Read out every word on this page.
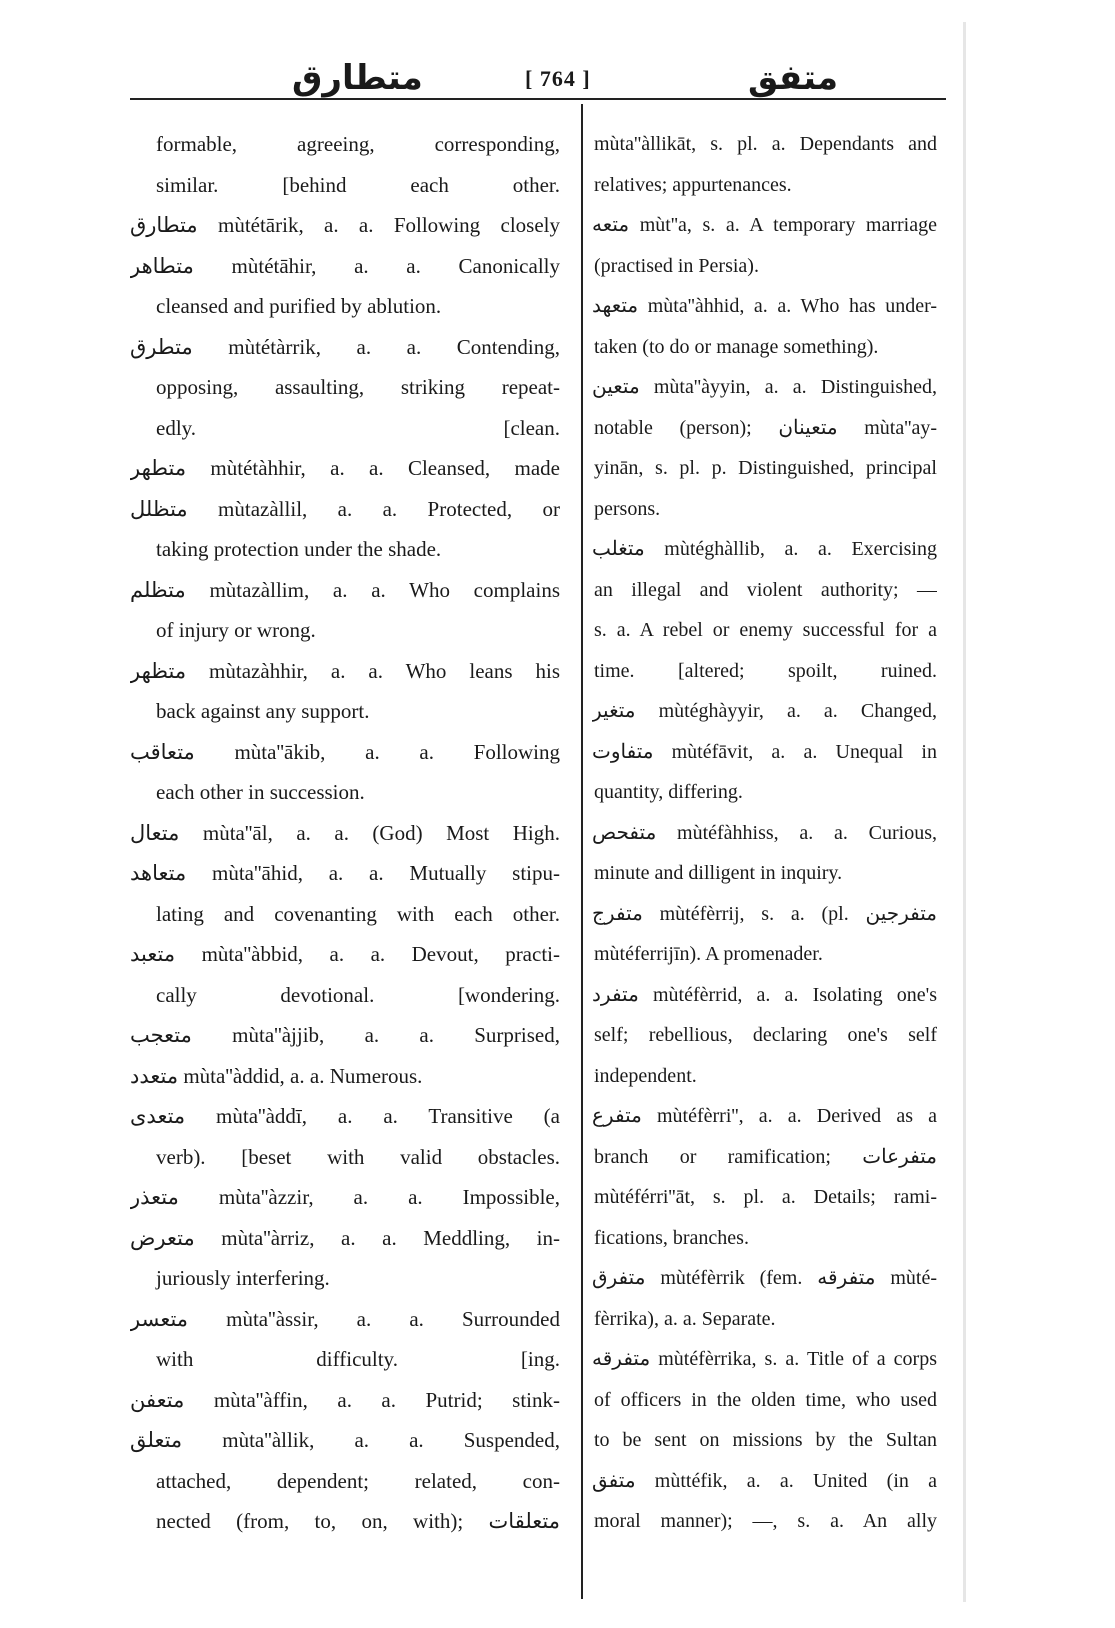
متطارق	[ 764 ]	متفق
formable, agreeing, corresponding,
similar. [behind each other.
متطارق mùtétārik, a. a. Following closely
متطاهر mùtétāhir, a. a. Canonically
cleansed and purified by ablution.
متطرق mùtétàrrik, a. a. Contending,
opposing, assaulting, striking repeat-
edly. [clean.
متطهر mùtétàhhir, a. a. Cleansed, made
متظلل mùtazàllil, a. a. Protected, or
taking protection under the shade.
متظلم mùtazàllim, a. a. Who complains
of injury or wrong.
متظهر mùtazàhhir, a. a. Who leans his
back against any support.
متعاقب mùta''ākib, a. a. Following
each other in succession.
متعال mùta''āl, a. a. (God) Most High.
متعاهد mùta''āhid, a. a. Mutually stipu-
lating and covenanting with each other.
متعبد mùta''àbbid, a. a. Devout, practi-
cally devotional. [wondering.
متعجب mùta''àjjib, a. a. Surprised,
متعدد mùta''àddid, a. a. Numerous.
متعدی mùta''àddī, a. a. Transitive (a
verb). [beset with valid obstacles.
متعذر mùta''àzzir, a. a. Impossible,
متعرض mùta''àrriz, a. a. Meddling, in-
juriously interfering.
متعسر mùta''àssir, a. a. Surrounded
with difficulty. [ing.
متعفن mùta''àffin, a. a. Putrid; stink-
متعلق mùta''àllik, a. a. Suspended,
attached, dependent; related, con-
nected (from, to, on, with); متعلقات
mùta''àllikāt, s. pl. a. Dependants and
relatives; appurtenances.
متعه mùt''a, s. a. A temporary marriage
(practised in Persia).
متعهد mùta''àhhid, a. a. Who has under-
taken (to do or manage something).
متعين mùta''àyyin, a. a. Distinguished,
notable (person); متعينان mùta''ay-
yinān, s. pl. p. Distinguished, principal
persons.
متغلب mùtéghàllib, a. a. Exercising
an illegal and violent authority; —
s. a. A rebel or enemy successful for a
time. [altered; spoilt, ruined.
متغير mùtéghàyyir, a. a. Changed,
متفاوت mùtéfāvit, a. a. Unequal in
quantity, differing.
متفحص mùtéfàhhiss, a. a. Curious,
minute and dilligent in inquiry.
متفرج mùtéfèrrij, s. a. (pl. متفرجين
mùtéferrijīn). A promenader.
متفرد mùtéfèrrid, a. a. Isolating one's
self; rebellious, declaring one's self
independent.
متفرع mùtéfèrri'', a. a. Derived as a
branch or ramification; متفرعات
mùtéférri''āt, s. pl. a. Details; rami-
fications, branches.
متفرق mùtéfèrrik (fem. متفرقه mùté-
fèrrika), a. a. Separate.
متفرقه mùtéfèrrika, s. a. Title of a corps
of officers in the olden time, who used
to be sent on missions by the Sultan
متفق mùttéfik, a. a. United (in a
moral manner); —, s. a. An ally
